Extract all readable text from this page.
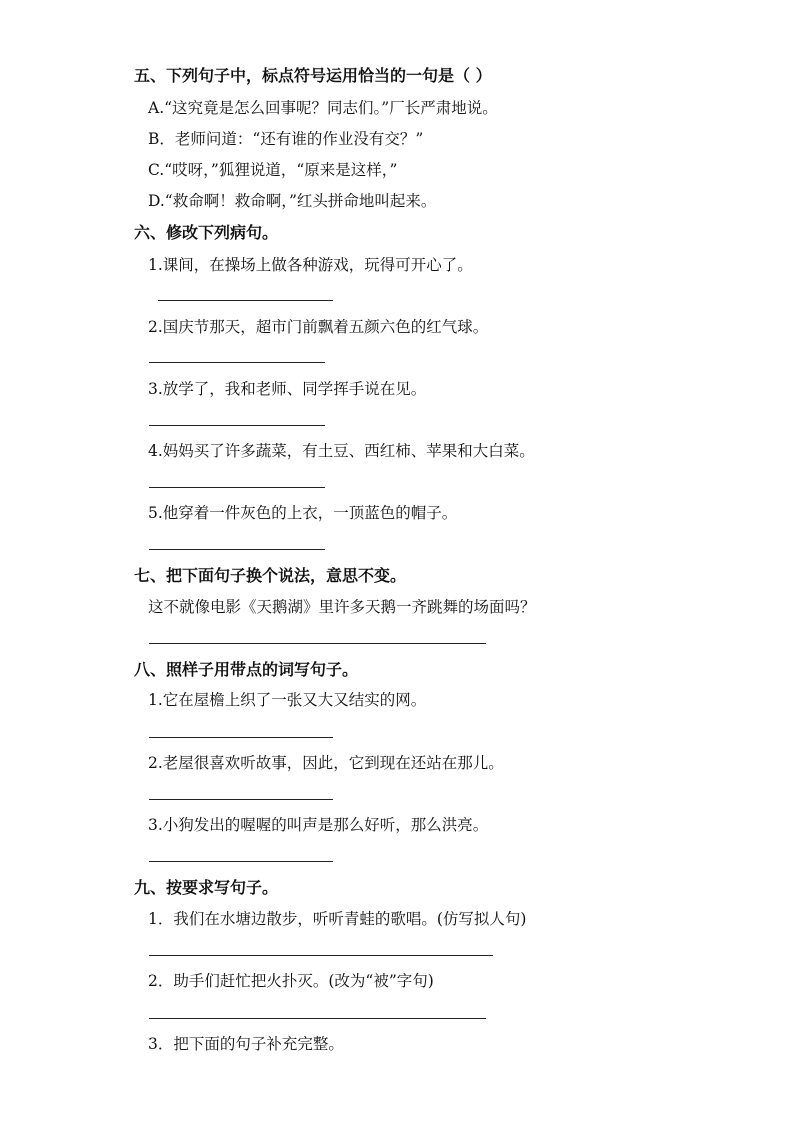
五、下列句子中，标点符号运用恰当的一句是（ ）
A.“这究竟是怎么回事呢？同志们。”厂长严肃地说。
B．老师问道：“还有谁的作业没有交？”
C.“哎呀，”狐狸说道，“原来是这样，”
D.“救命啊！救命啊，”红头拼命地叫起来。
六、修改下列病句。
1.课间，在操场上做各种游戏，玩得可开心了。
2.国庆节那天，超市门前飘着五颜六色的红气球。
3.放学了，我和老师、同学挥手说在见。
4.妈妈买了许多蔬菜，有土豆、西红柿、苹果和大白菜。
5.他穿着一件灰色的上衣，一顶蓝色的帽子。
七、把下面句子换个说法，意思不变。
这不就像电影《天鹅湖》里许多天鹅一齐跳舞的场面吗？
八、照样子用带点的词写句子。
1.它在屋檐上织了一张又大又结实的网。
2.老屋很喜欢听故事，因此，它到现在还站在那儿。
3.小狗发出的喔喔的叫声是那么好听，那么洪亮。
九、按要求写句子。
1．我们在水塘边散步，听听青蛙的歌唱。(仿写拟人句)
2．助手们赶忙把火扑灭。(改为“被”字句)
3．把下面的句子补充完整。
